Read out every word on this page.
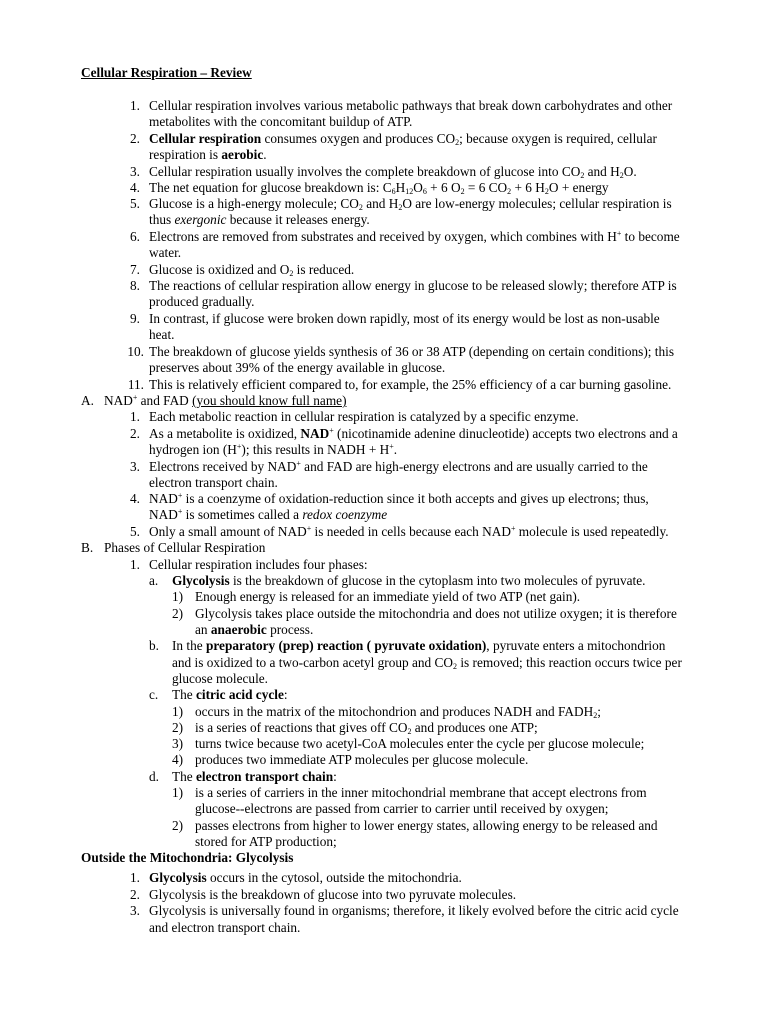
Cellular Respiration – Review
1. Cellular respiration involves various metabolic pathways that break down carbohydrates and other
metabolites with the concomitant buildup of ATP.
2. Cellular respiration consumes oxygen and produces $CO_2$; because oxygen is required, cellular
respiration is aerobic.
3. Cellular respiration usually involves the complete breakdown of glucose into $CO_2$ and $H_2O$.
4. The net equation for glucose breakdown is: $C_6H_{12}O_6 + 6$ $O_2 = 6$ $CO_2 + 6$ $H_2O$ + energy
5. Glucose is a high-energy molecule; $CO_2$ and $H_2O$ are low-energy molecules; cellular respiration is
thus exergonic because it releases energy.
6. Electrons are removed from substrates and received by oxygen, which combines with H+ to become
water.
7. Glucose is oxidized and $O_2$ is reduced.
8. The reactions of cellular respiration allow energy in glucose to be released slowly; therefore ATP is
produced gradually.
9. In contrast, if glucose were broken down rapidly, most of its energy would be lost as non-usable
heat.
10. The breakdown of glucose yields synthesis of 36 or 38 ATP (depending on certain conditions); this
preserves about 39% of the energy available in glucose.
11. This is relatively efficient compared to, for example, the 25% efficiency of a car burning gasoline.
A. NAD+ and FAD (you should know full name)
1. Each metabolic reaction in cellular respiration is catalyzed by a specific enzyme.
2. As a metabolite is oxidized, NAD+ (nicotinamide adenine dinucleotide) accepts two electrons and a
hydrogen ion (H+); this results in NADH + H+.
3. Electrons received by NAD+ and FAD are high-energy electrons and are usually carried to the
electron transport chain.
4. NAD+ is a coenzyme of oxidation-reduction since it both accepts and gives up electrons; thus,
NAD+ is sometimes called a redox coenzyme
5. Only a small amount of NAD+ is needed in cells because each NAD+ molecule is used repeatedly.
B. Phases of Cellular Respiration
1. Cellular respiration includes four phases:
a. Glycolysis is the breakdown of glucose in the cytoplasm into two molecules of pyruvate.
1) Enough energy is released for an immediate yield of two ATP (net gain).
2) Glycolysis takes place outside the mitochondria and does not utilize oxygen; it is therefore
an anaerobic process.
b. In the preparatory (prep) reaction ( pyruvate oxidation), pyruvate enters a mitochondrion
and is oxidized to a two-carbon acetyl group and $CO_2$ is removed; this reaction occurs twice per
glucose molecule.
c. The citric acid cycle:
1) occurs in the matrix of the mitochondrion and produces NADH and $FADH_2$;
2) is a series of reactions that gives off $CO_2$ and produces one ATP;
3) turns twice because two acetyl-CoA molecules enter the cycle per glucose molecule;
4) produces two immediate ATP molecules per glucose molecule.
d. The electron transport chain:
1) is a series of carriers in the inner mitochondrial membrane that accept electrons from
glucose--electrons are passed from carrier to carrier until received by oxygen;
2) passes electrons from higher to lower energy states, allowing energy to be released and
stored for ATP production;
Outside the Mitochondria: Glycolysis
1. Glycolysis occurs in the cytosol, outside the mitochondria.
2. Glycolysis is the breakdown of glucose into two pyruvate molecules.
3. Glycolysis is universally found in organisms; therefore, it likely evolved before the citric acid cycle
and electron transport chain.
